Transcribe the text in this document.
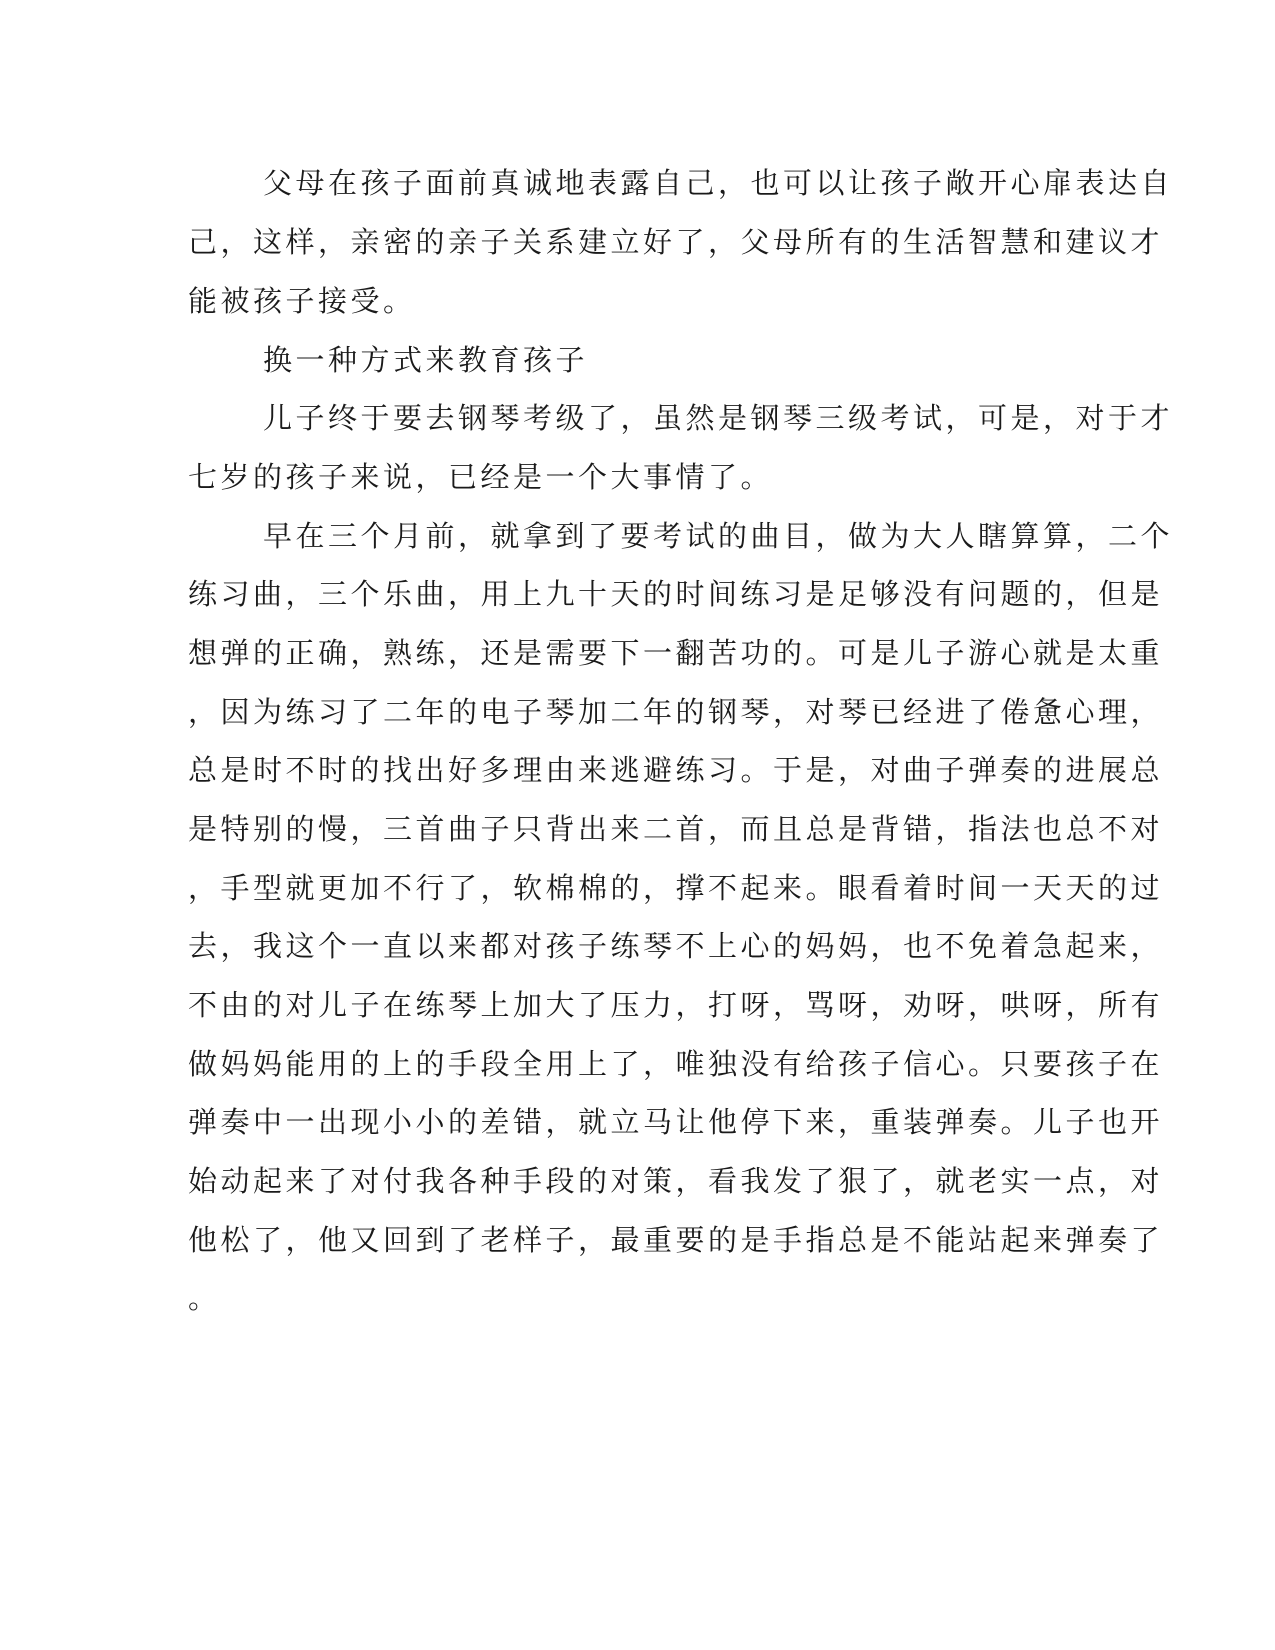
父母在孩子面前真诚地表露自己，也可以让孩子敞开心扉表达自

己，这样，亲密的亲子关系建立好了，父母所有的生活智慧和建议才

能被孩子接受。

换一种方式来教育孩子

儿子终于要去钢琴考级了，虽然是钢琴三级考试，可是，对于才

七岁的孩子来说，已经是一个大事情了。

早在三个月前，就拿到了要考试的曲目，做为大人瞎算算，二个

练习曲，三个乐曲，用上九十天的时间练习是足够没有问题的，但是

想弹的正确，熟练，还是需要下一翻苦功的。可是儿子游心就是太重

，因为练习了二年的电子琴加二年的钢琴，对琴已经进了倦惫心理，

总是时不时的找出好多理由来逃避练习。于是，对曲子弹奏的进展总

是特别的慢，三首曲子只背出来二首，而且总是背错，指法也总不对

，手型就更加不行了，软棉棉的，撑不起来。眼看着时间一天天的过

去，我这个一直以来都对孩子练琴不上心的妈妈，也不免着急起来，

不由的对儿子在练琴上加大了压力，打呀，骂呀，劝呀，哄呀，所有

做妈妈能用的上的手段全用上了，唯独没有给孩子信心。只要孩子在

弹奏中一出现小小的差错，就立马让他停下来，重装弹奏。儿子也开

始动起来了对付我各种手段的对策，看我发了狠了，就老实一点，对

他松了，他又回到了老样子，最重要的是手指总是不能站起来弹奏了

。
